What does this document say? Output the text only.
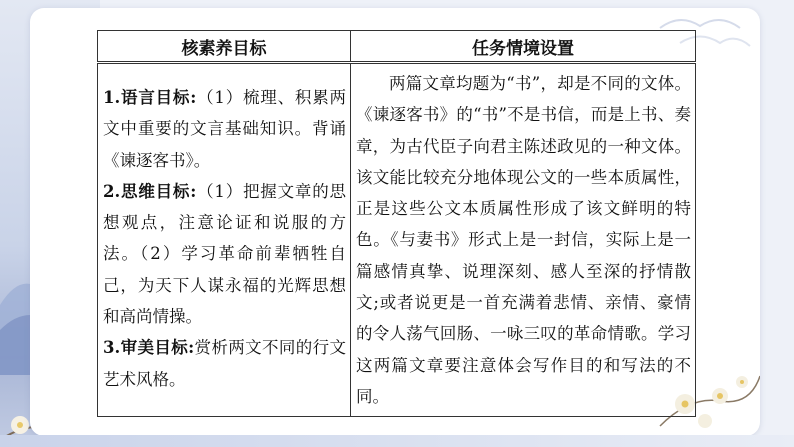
核素养目标	任务情境设置

1.语言目标:（1）梳理、积累两文中重要的文言基础知识。背诵《谏逐客书》。

2.思维目标:（1）把握文章的思想观点，注意论证和说服的方法。（2）学习革命前辈牺牲自己，为天下人谋永福的光辉思想和高尚情操。

3.审美目标:赏析两文不同的行文艺术风格。	两篇文章均题为“书”，却是不同的文体。《谏逐客书》的“书”不是书信，而是上书、奏章，为古代臣子向君主陈述政见的一种文体。该文能比较充分地体现公文的一些本质属性，正是这些公文本质属性形成了该文鲜明的特色。《与妻书》形式上是一封信，实际上是一篇感情真挚、说理深刻、感人至深的抒情散文;或者说更是一首充满着悲情、亲情、豪情的令人荡气回肠、一咏三叹的革命情歌。学习这两篇文章要注意体会写作目的和写法的不同。
